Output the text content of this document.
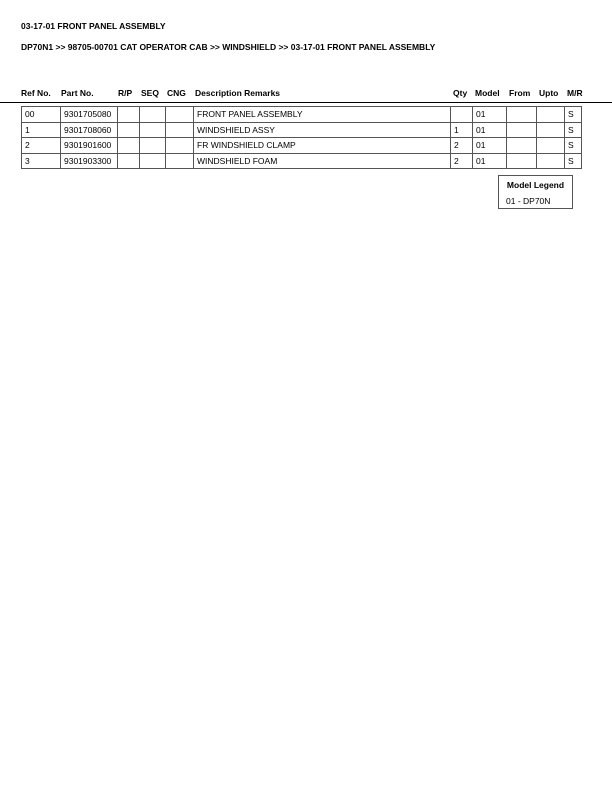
03-17-01 FRONT PANEL ASSEMBLY
DP70N1 >> 98705-00701 CAT OPERATOR CAB >> WINDSHIELD >> 03-17-01 FRONT PANEL ASSEMBLY
Ref No. Part No.	R/P SEQ CNG Description Remarks	Qty Model From Upto M/R
00	9301705080				FRONT PANEL ASSEMBLY		01			S
1	9301708060				WINDSHIELD ASSY	1	01			S
2	9301901600				FR WINDSHIELD CLAMP	2	01			S
3	9301903300				WINDSHIELD FOAM	2	01			S
Model Legend
01 - DP70N
